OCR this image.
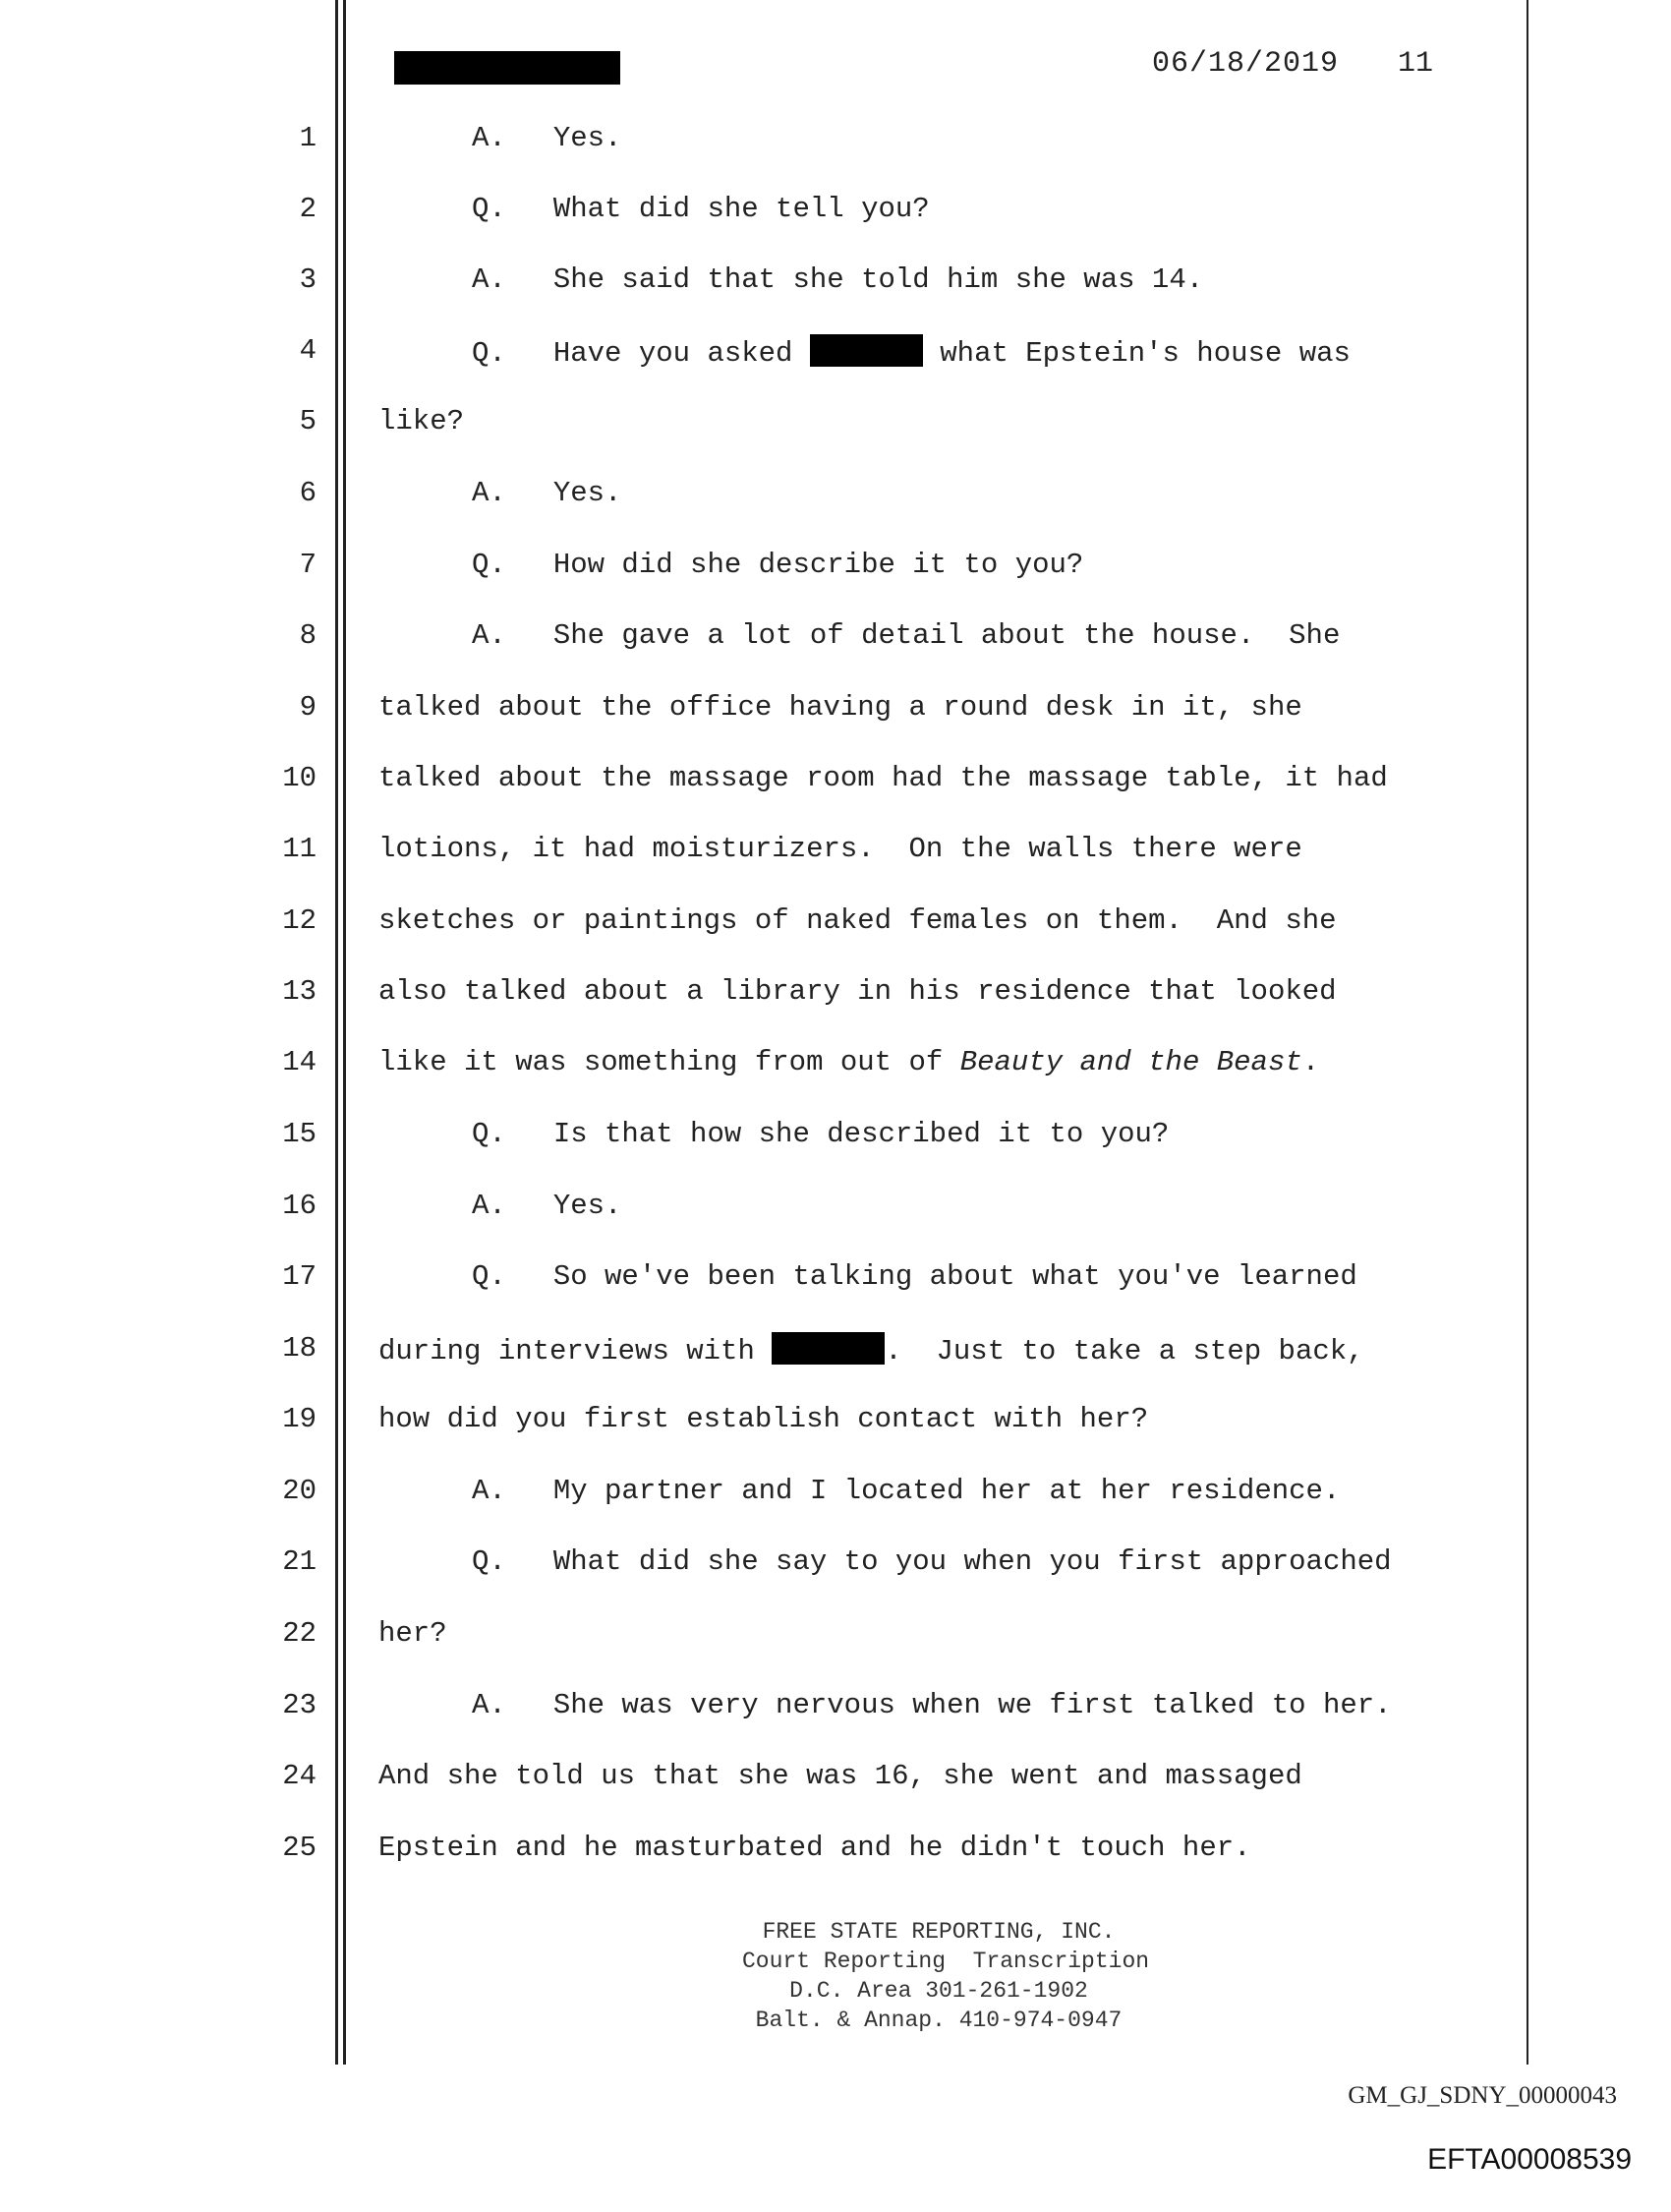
06/18/2019 11
1	A. Yes.
2	Q. What did she tell you?
3	A. She said that she told him she was 14.
4	Q. Have you asked	what Epstein's house was
5 like?
6	A. Yes.
7	Q. How did she describe it to you?
8	A. She gave a lot of detail about the house.  She
9 talked about the office having a round desk in it, she
10 talked about the massage room had the massage table, it had
11 lotions, it had moisturizers.  On the walls there were
12 sketches or paintings of naked females on them.  And she
13 also talked about a library in his residence that looked
14 like it was something from out of Beauty and the Beast.
15	Q. Is that how she described it to you?
16	A. Yes.
17	Q. So we've been talking about what you've learned
18 during interviews with	.  Just to take a step back,
19 how did you first establish contact with her?
20	A. My partner and I located her at her residence.
21	Q. What did she say to you when you first approached
22 her?
23	A. She was very nervous when we first talked to her.
24 And she told us that she was 16, she went and massaged
25 Epstein and he masturbated and he didn't touch her.
FREE STATE REPORTING, INC.
Court Reporting  Transcription
D.C. Area 301-261-1902
Balt. & Annap. 410-974-0947
GM_GJ_SDNY_00000043
EFTA00008539
